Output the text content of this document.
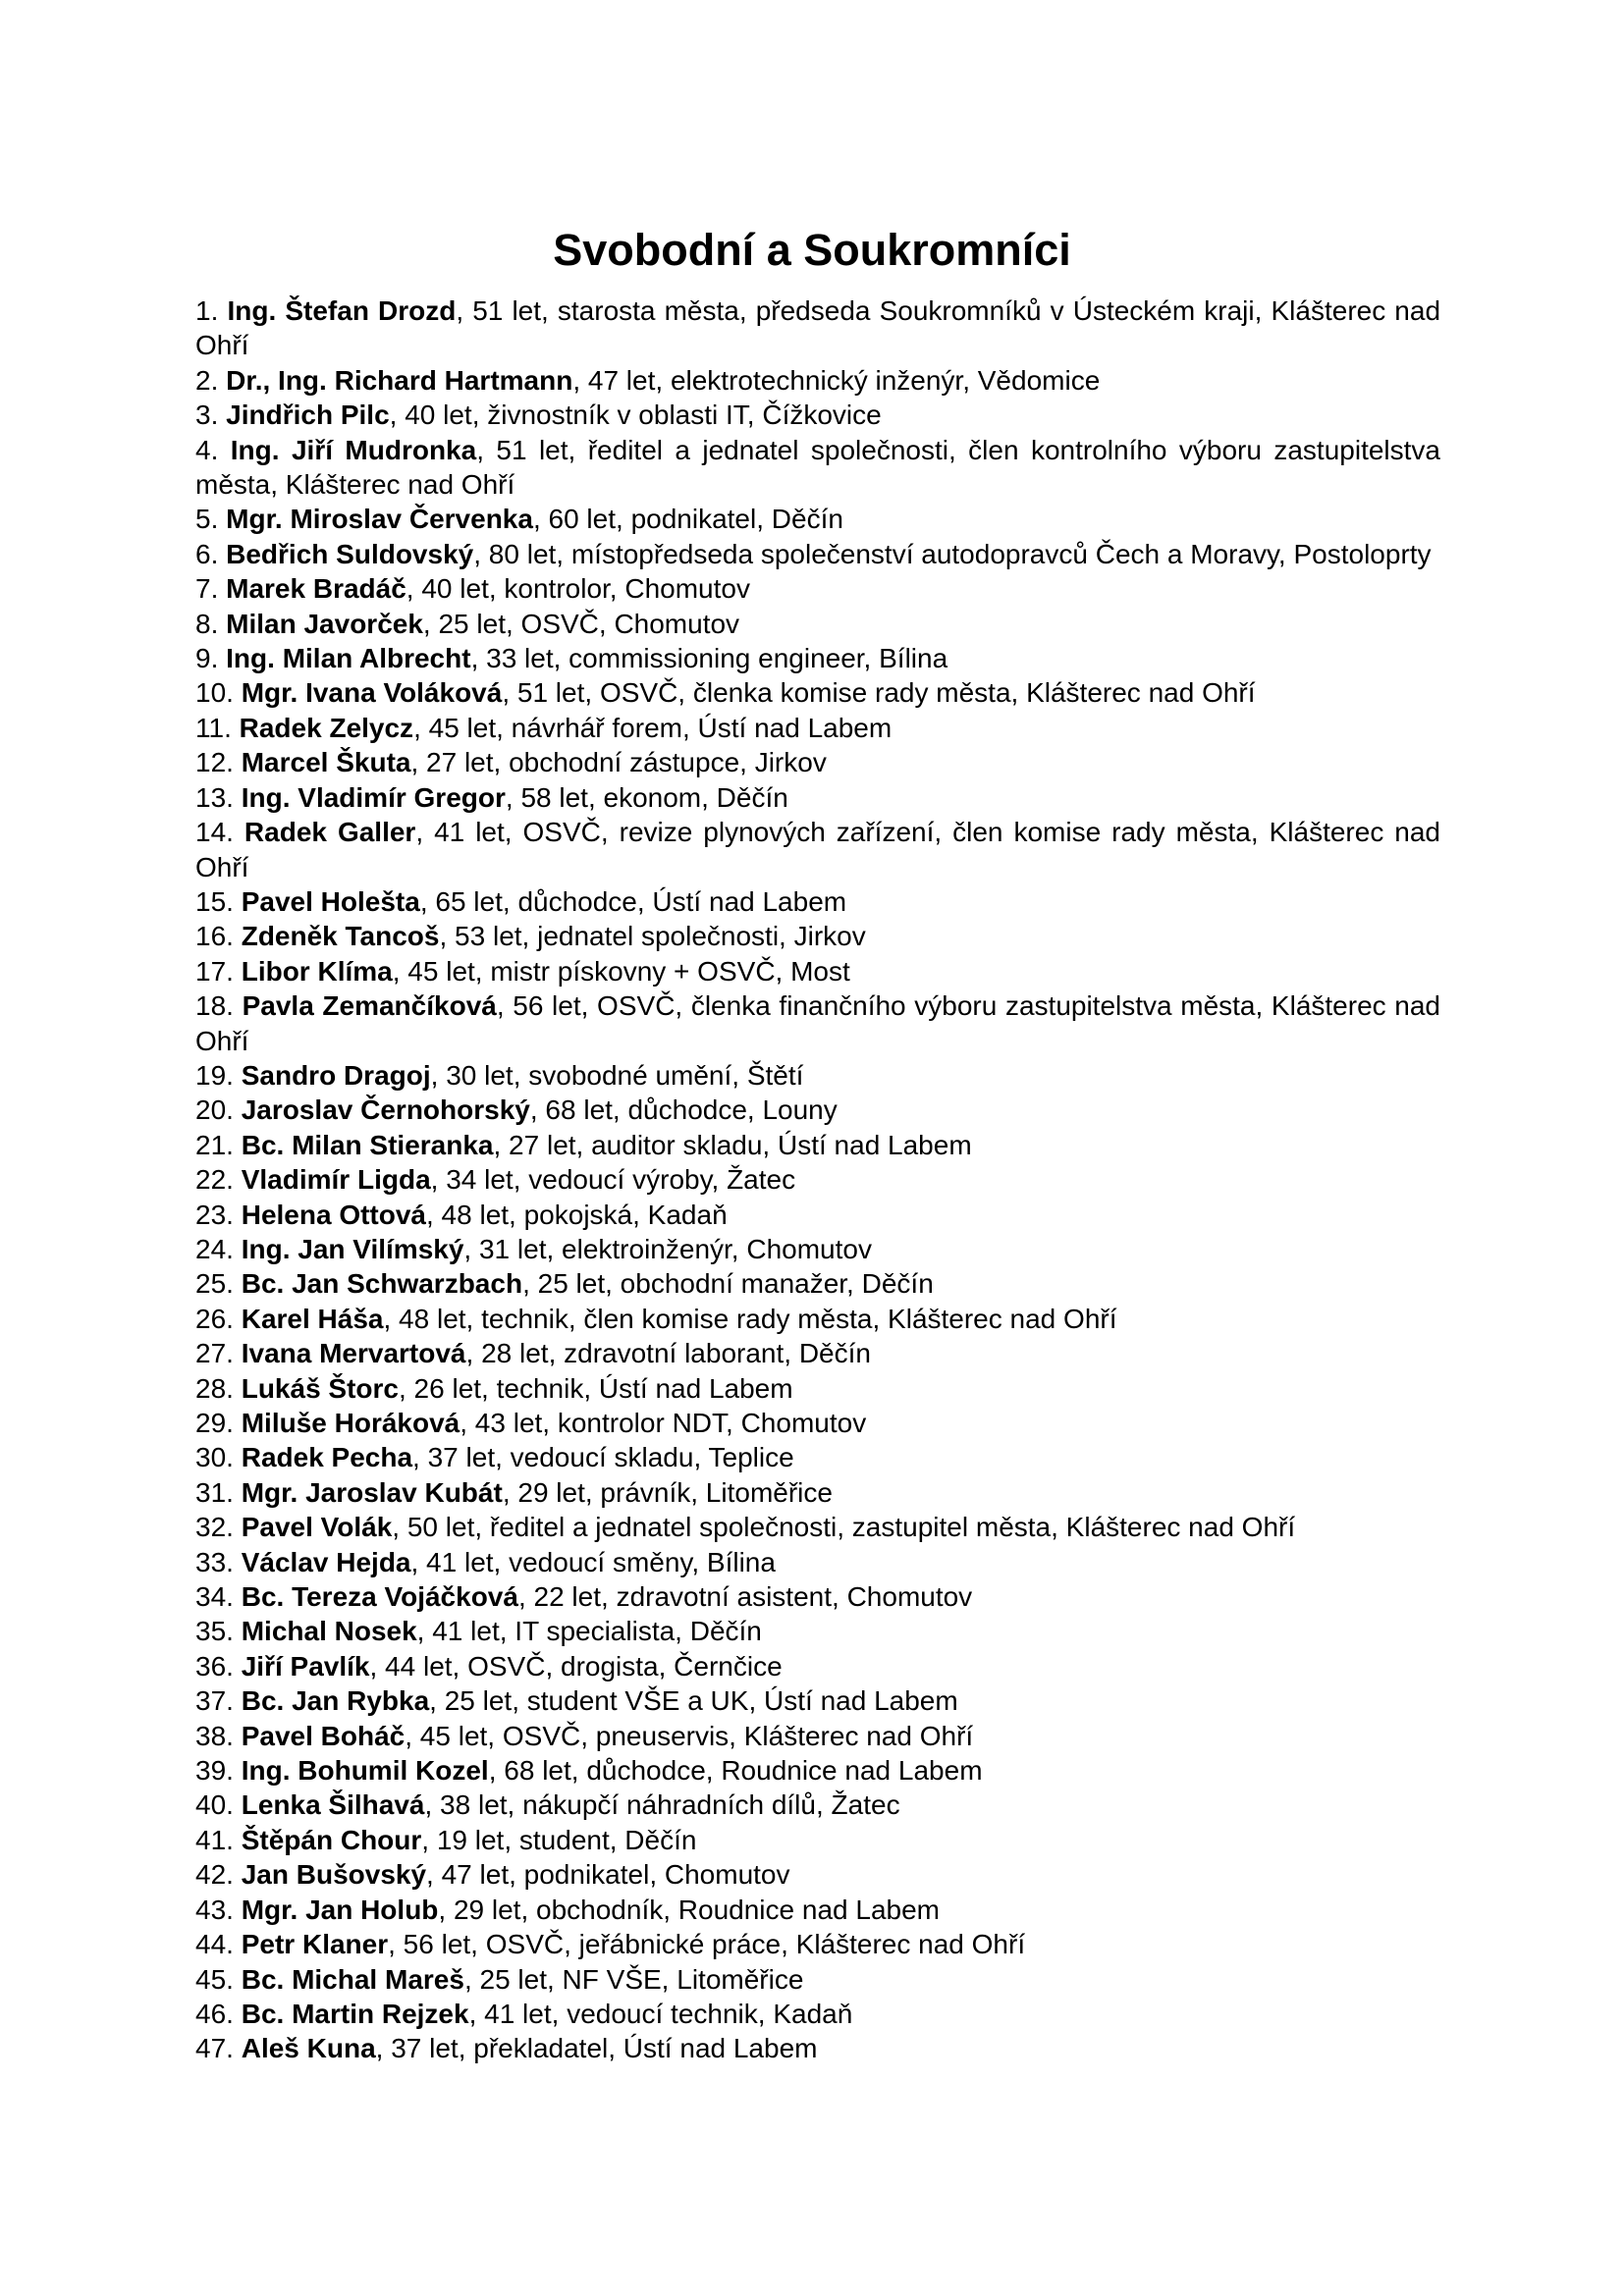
Svobodní a Soukromníci
1. Ing. Štefan Drozd, 51 let, starosta města, předseda Soukromníků v Ústeckém kraji, Klášterec nad Ohří
2. Dr., Ing. Richard Hartmann, 47 let, elektrotechnický inženýr, Vědomice
3. Jindřich Pilc, 40 let, živnostník v oblasti IT, Čížkovice
4. Ing. Jiří Mudronka, 51 let, ředitel a jednatel společnosti, člen kontrolního výboru zastupitelstva města, Klášterec nad Ohří
5. Mgr. Miroslav Červenka, 60 let, podnikatel, Děčín
6. Bedřich Suldovský, 80 let, místopředseda společenství autodopravců Čech a Moravy, Postoloprty
7. Marek Bradáč, 40 let, kontrolor, Chomutov
8. Milan Javorček, 25 let, OSVČ, Chomutov
9. Ing. Milan Albrecht, 33 let, commissioning engineer, Bílina
10. Mgr. Ivana Voláková, 51 let, OSVČ, členka komise rady města, Klášterec nad Ohří
11. Radek Zelycz, 45 let, návrhář forem, Ústí nad Labem
12. Marcel Škuta, 27 let, obchodní zástupce, Jirkov
13. Ing. Vladimír Gregor, 58 let, ekonom, Děčín
14. Radek Galler, 41 let, OSVČ, revize plynových zařízení, člen komise rady města, Klášterec nad Ohří
15. Pavel Holešta, 65 let, důchodce, Ústí nad Labem
16. Zdeněk Tancoš, 53 let, jednatel společnosti, Jirkov
17. Libor Klíma, 45 let, mistr pískovny + OSVČ, Most
18. Pavla Zemančíková, 56 let, OSVČ, členka finančního výboru zastupitelstva města, Klášterec nad Ohří
19. Sandro Dragoj, 30 let, svobodné umění, Štětí
20. Jaroslav Černohorský, 68 let, důchodce, Louny
21. Bc. Milan Stieranka, 27 let, auditor skladu, Ústí nad Labem
22. Vladimír Ligda, 34 let, vedoucí výroby, Žatec
23. Helena Ottová, 48 let, pokojská, Kadaň
24. Ing. Jan Vilímský, 31 let, elektroinženýr, Chomutov
25. Bc. Jan Schwarzbach, 25 let, obchodní manažer, Děčín
26. Karel Háša, 48 let, technik, člen komise rady města, Klášterec nad Ohří
27. Ivana Mervartová, 28 let, zdravotní laborant, Děčín
28. Lukáš Štorc, 26 let, technik, Ústí nad Labem
29. Miluše Horáková, 43 let, kontrolor NDT, Chomutov
30. Radek Pecha, 37 let, vedoucí skladu, Teplice
31. Mgr. Jaroslav Kubát, 29 let, právník, Litoměřice
32. Pavel Volák, 50 let, ředitel a jednatel společnosti, zastupitel města, Klášterec nad Ohří
33. Václav Hejda, 41 let, vedoucí směny, Bílina
34. Bc. Tereza Vojáčková, 22 let, zdravotní asistent, Chomutov
35. Michal Nosek, 41 let, IT specialista, Děčín
36. Jiří Pavlík, 44 let, OSVČ, drogista, Černčice
37. Bc. Jan Rybka, 25 let, student VŠE a UK, Ústí nad Labem
38. Pavel Boháč, 45 let, OSVČ, pneuservis, Klášterec nad Ohří
39. Ing. Bohumil Kozel, 68 let, důchodce, Roudnice nad Labem
40. Lenka Šilhavá, 38 let, nákupčí náhradních dílů, Žatec
41. Štěpán Chour, 19 let, student, Děčín
42. Jan Bušovský, 47 let, podnikatel, Chomutov
43. Mgr. Jan Holub, 29 let, obchodník, Roudnice nad Labem
44. Petr Klaner, 56 let, OSVČ, jeřábnické práce, Klášterec nad Ohří
45. Bc. Michal Mareš, 25 let, NF VŠE, Litoměřice
46. Bc. Martin Rejzek, 41 let, vedoucí technik, Kadaň
47. Aleš Kuna, 37 let, překladatel, Ústí nad Labem
